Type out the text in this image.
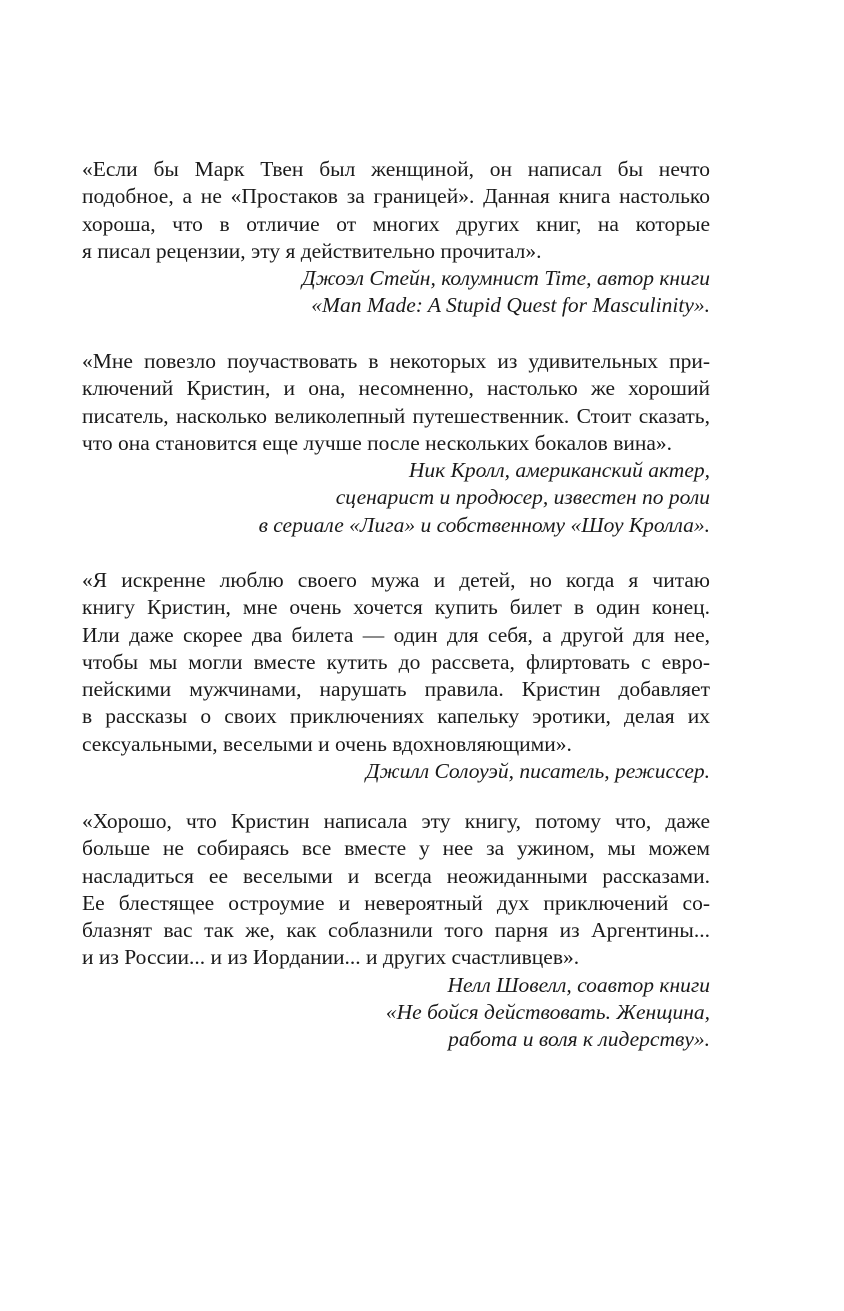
«Если бы Марк Твен был женщиной, он написал бы нечто
подобное, а не «Простаков за границей». Данная книга настолько
хороша, что в отличие от многих других книг, на которые
я писал рецензии, эту я действительно прочитал».

Джоэл Стейн, колумнист Time, автор книги
«Man Made: A Stupid Quest for Masculinity».

«Мне повезло поучаствовать в некоторых из удивительных при-
ключений Кристин, и она, несомненно, настолько же хороший
писатель, насколько великолепный путешественник. Стоит сказать,
что она становится еще лучше после нескольких бокалов вина».

Ник Кролл, американский актер,
сценарист и продюсер, известен по роли
в сериале «Лига» и собственному «Шоу Кролла».

«Я искренне люблю своего мужа и детей, но когда я читаю
книгу Кристин, мне очень хочется купить билет в один конец.
Или даже скорее два билета — один для себя, а другой для нее,
чтобы мы могли вместе кутить до рассвета, флиртовать с евро-
пейскими мужчинами, нарушать правила. Кристин добавляет
в рассказы о своих приключениях капельку эротики, делая их
сексуальными, веселыми и очень вдохновляющими».

Джилл Солоуэй, писатель, режиссер.

«Хорошо, что Кристин написала эту книгу, потому что, даже
больше не собираясь все вместе у нее за ужином, мы можем
насладиться ее веселыми и всегда неожиданными рассказами.
Ее блестящее остроумие и невероятный дух приключений со-
блазнят вас так же, как соблазнили того парня из Аргентины...
и из России... и из Иордании... и других счастливцев».

Нелл Шовелл, соавтор книги
«Не бойся действовать. Женщина,
работа и воля к лидерству».
